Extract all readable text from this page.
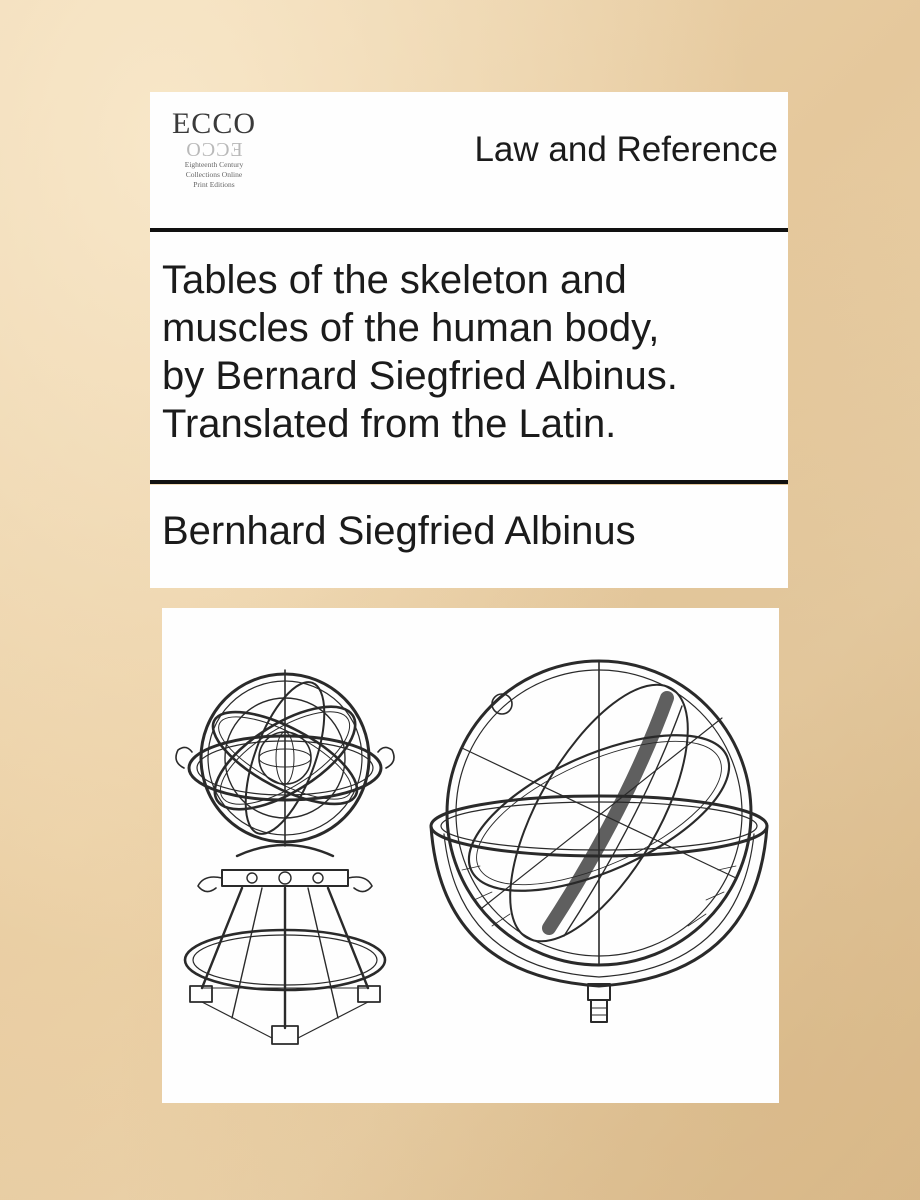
ECCO
ECCO
Eighteenth Century
Collections Online
Print Editions
Law and Reference
Tables of the skeleton and
muscles of the human body,
by Bernard Siegfried Albinus.
Translated from the Latin.
Bernhard Siegfried Albinus
